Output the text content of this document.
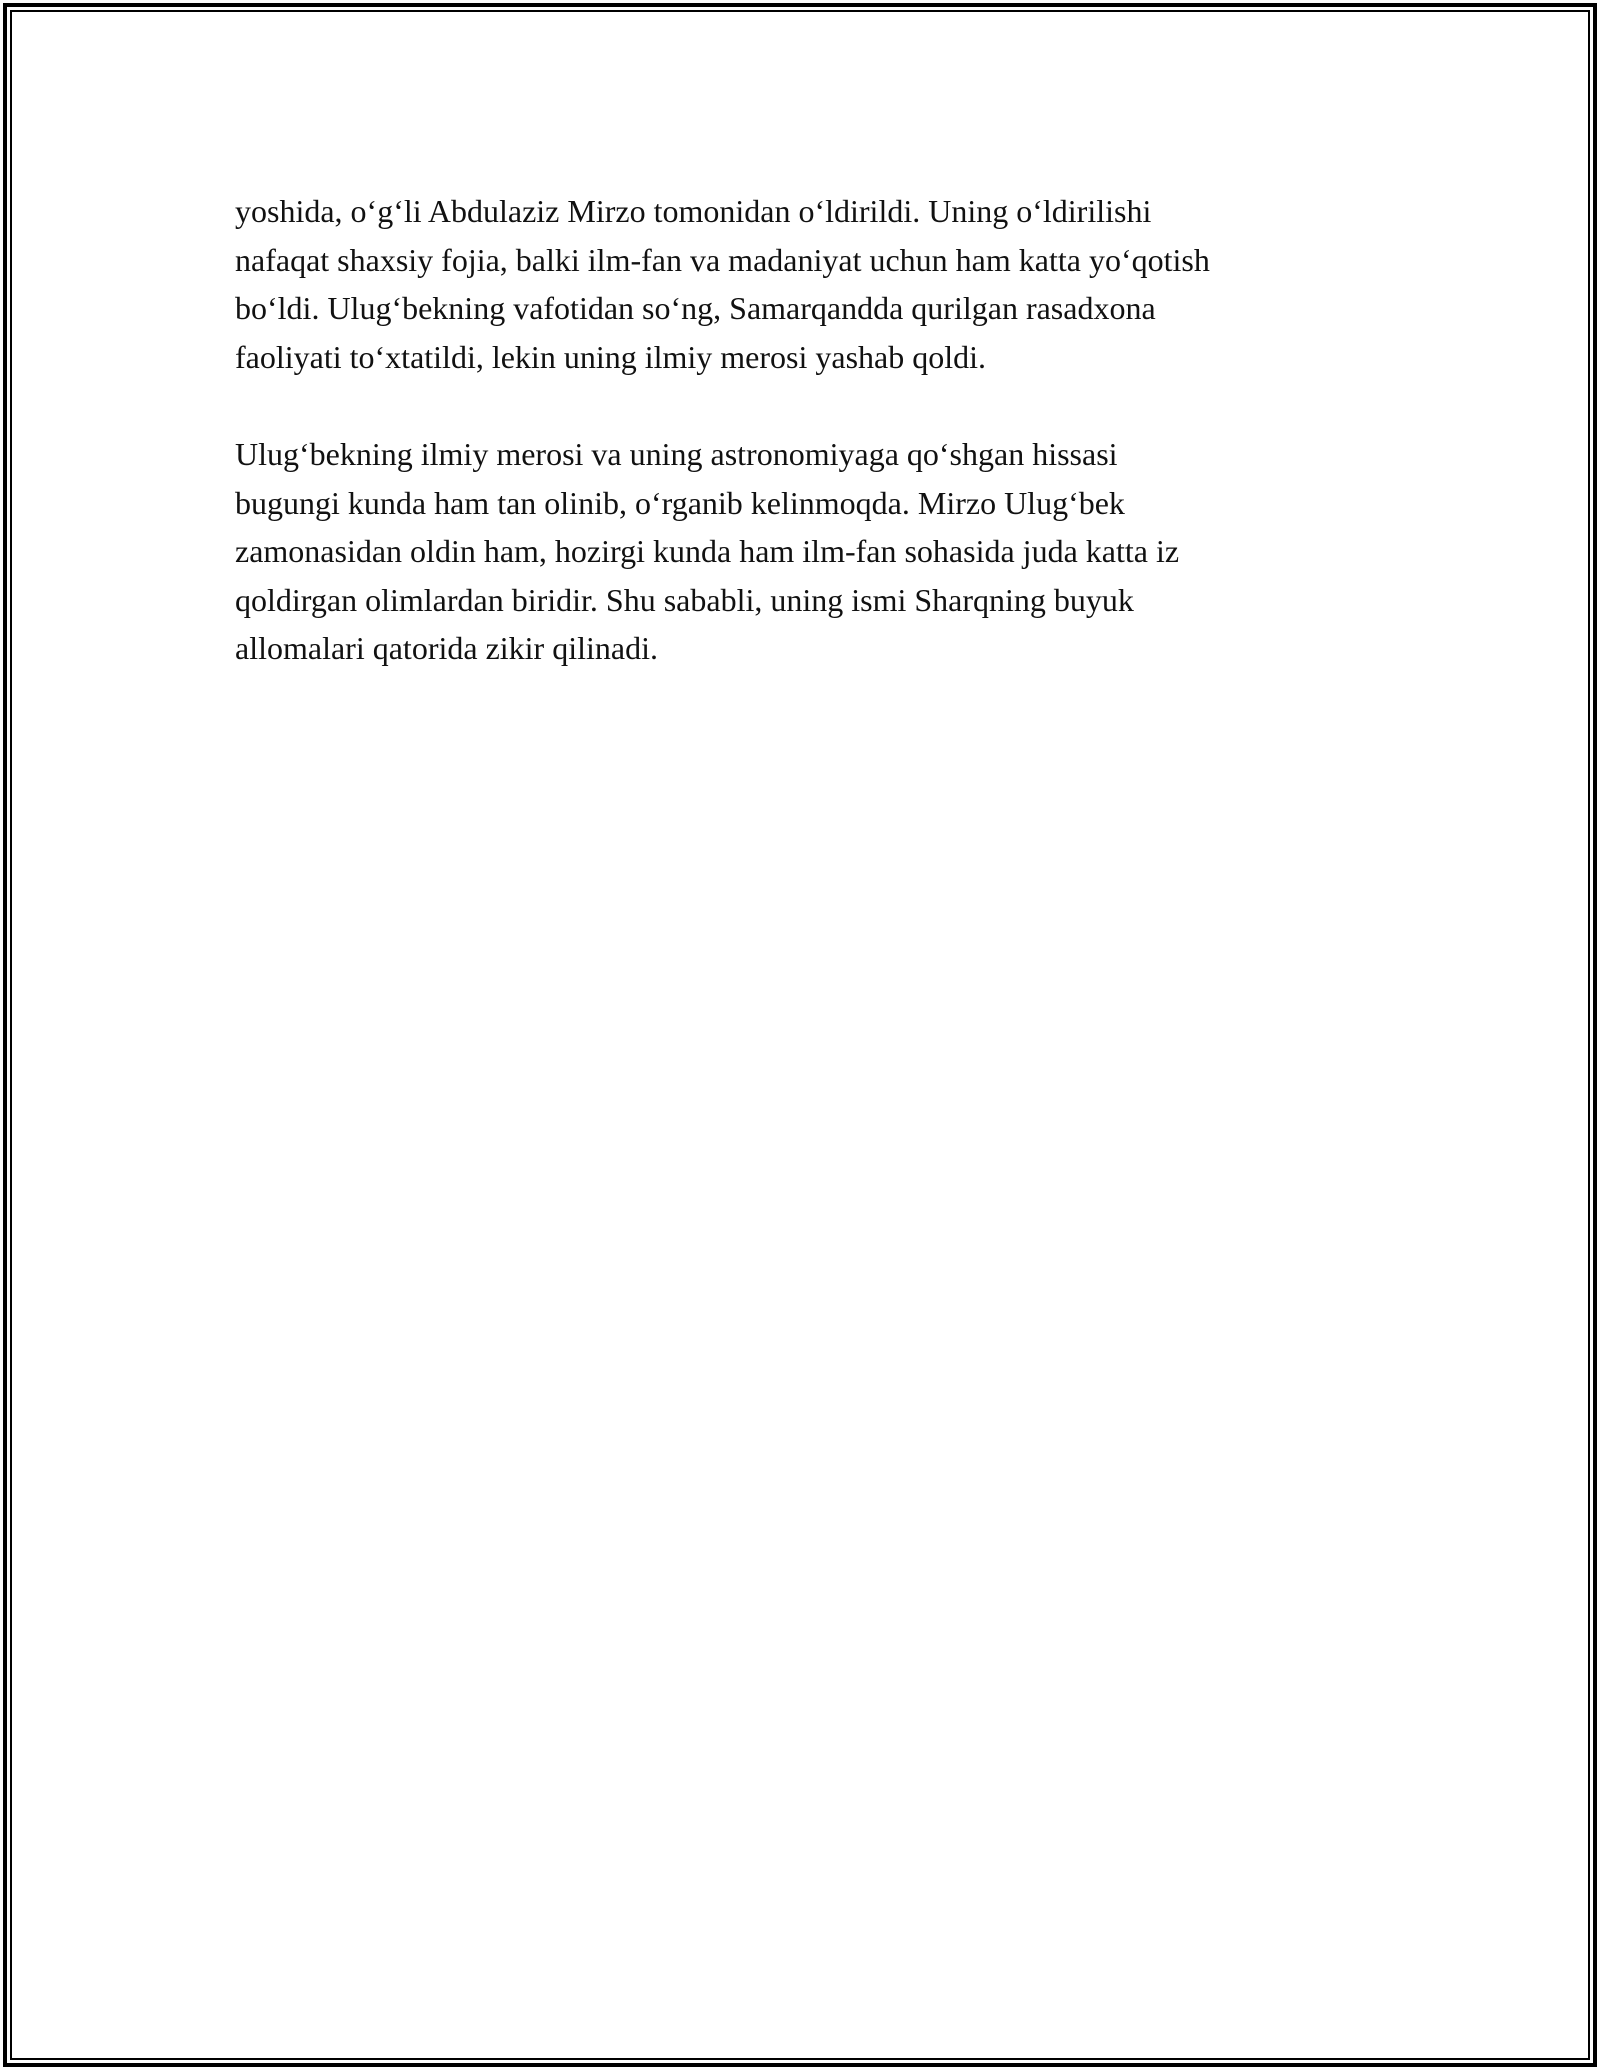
yoshida, o‘g‘li Abdulaziz Mirzo tomonidan o‘ldirildi. Uning o‘ldirilishi
nafaqat shaxsiy fojia, balki ilm-fan va madaniyat uchun ham katta yo‘qotish
bo‘ldi. Ulug‘bekning vafotidan so‘ng, Samarqandda qurilgan rasadxona
faoliyati to‘xtatildi, lekin uning ilmiy merosi yashab qoldi.

Ulug‘bekning ilmiy merosi va uning astronomiyaga qo‘shgan hissasi
bugungi kunda ham tan olinib, o‘rganib kelinmoqda. Mirzo Ulug‘bek
zamonasidan oldin ham, hozirgi kunda ham ilm-fan sohasida juda katta iz
qoldirgan olimlardan biridir. Shu sababli, uning ismi Sharqning buyuk
allomalari qatorida zikir qilinadi.
